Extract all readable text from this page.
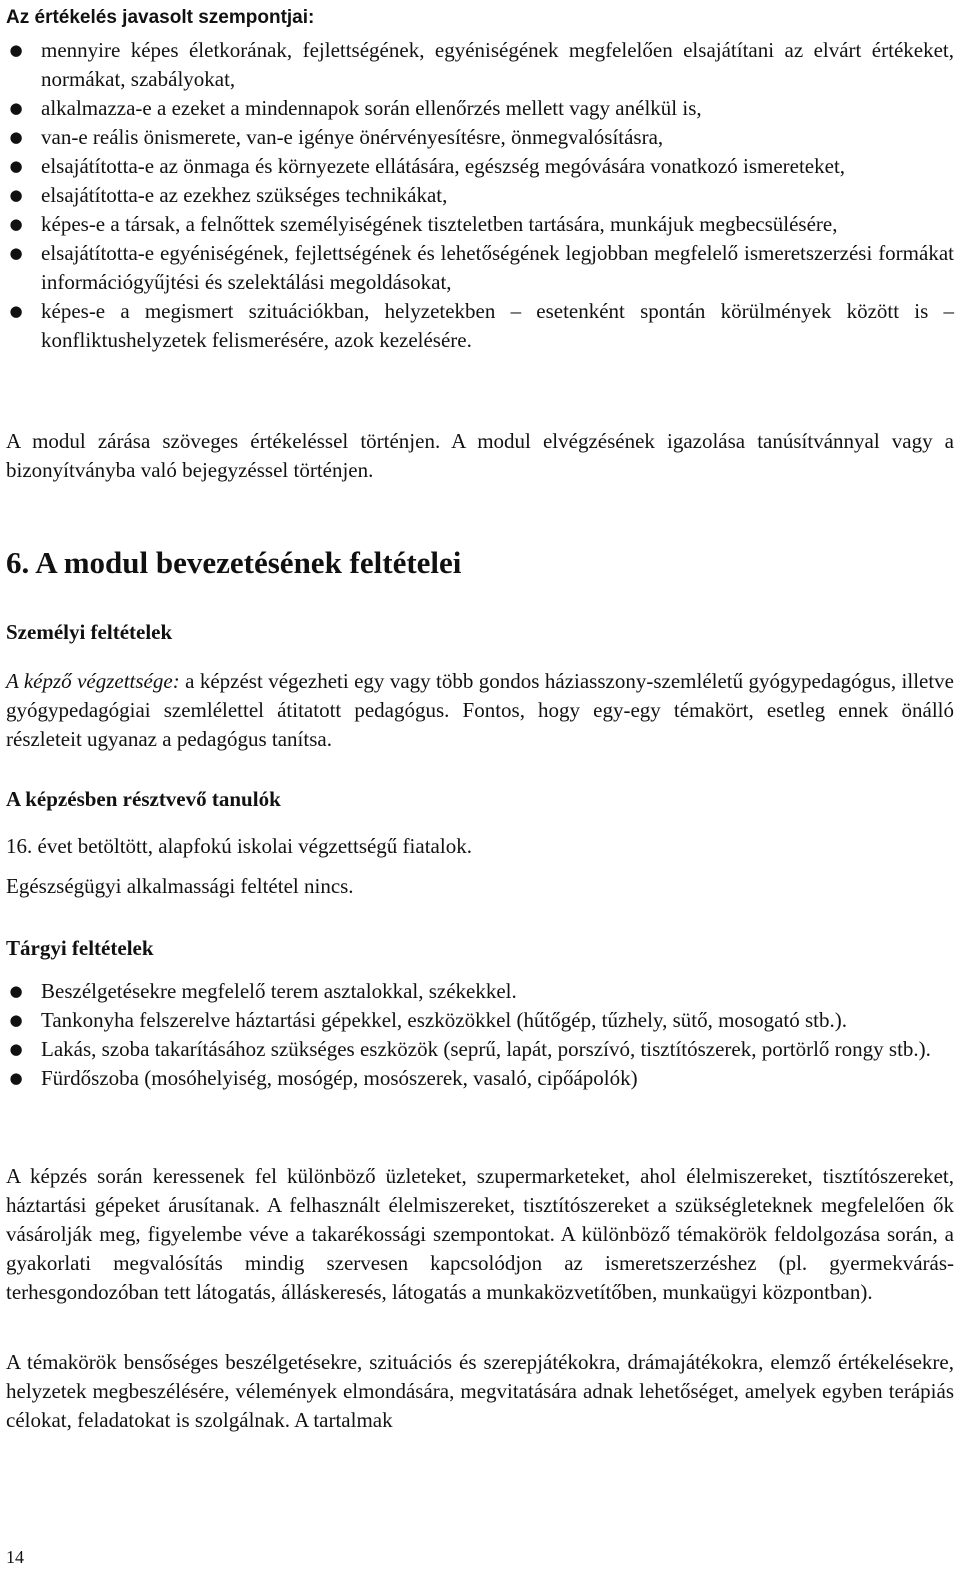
Az értékelés javasolt szempontjai:
● mennyire képes életkorának, fejlettségének, egyéniségének megfelelően elsajátítani az elvárt értékeket, normákat, szabályokat,
● alkalmazza-e a ezeket a mindennapok során ellenőrzés mellett vagy anélkül is,
● van-e reális önismerete, van-e igénye önérvényesítésre, önmegvalósításra,
● elsajátította-e az önmaga és környezete ellátására, egészség megóvására vonatkozó ismereteket,
● elsajátította-e az ezekhez szükséges technikákat,
● képes-e a társak, a felnőttek személyiségének tiszteletben tartására, munkájuk megbecsülésére,
● elsajátította-e egyéniségének, fejlettségének és lehetőségének legjobban megfelelő ismeretszerzési formákat információgyűjtési és szelektálási megoldásokat,
● képes-e a megismert szituációkban, helyzetekben – esetenként spontán körülmények között is – konfliktushelyzetek felismerésére, azok kezelésére.

A modul zárása szöveges értékeléssel történjen. A modul elvégzésének igazolása tanúsítvánnyal vagy a bizonyítványba való bejegyzéssel történjen.

6. A modul bevezetésének feltételei
Személyi feltételek

A képző végzettsége: a képzést végezheti egy vagy több gondos háziasszony-szemléletű gyógypedagógus, illetve gyógypedagógiai szemlélettel átitatott pedagógus. Fontos, hogy egy-egy témakört, esetleg ennek önálló részleteit ugyanaz a pedagógus tanítsa.

A képzésben résztvevő tanulók

16. évet betöltött, alapfokú iskolai végzettségű fiatalok.

Egészségügyi alkalmassági feltétel nincs.

Tárgyi feltételek
● Beszélgetésekre megfelelő terem asztalokkal, székekkel.
● Tankonyha felszerelve háztartási gépekkel, eszközökkel (hűtőgép, tűzhely, sütő, mosogató stb.).
● Lakás, szoba takarításához szükséges eszközök (seprű, lapát, porszívó, tisztítószerek, portörlő rongy stb.).
● Fürdőszoba (mosóhelyiség, mosógép, mosószerek, vasaló, cipőápolók)

A képzés során keressenek fel különböző üzleteket, szupermarketeket, ahol élelmiszereket, tisztítószereket, háztartási gépeket árusítanak. A felhasznált élelmiszereket, tisztítószereket a szükségleteknek megfelelően ők vásárolják meg, figyelembe véve a takarékossági szempontokat. A különböző témakörök feldolgozása során, a gyakorlati megvalósítás mindig szervesen kapcsolódjon az ismeretszerzéshez (pl. gyermekvárás-terhesgondozóban tett látogatás, álláskeresés, látogatás a munkaközvetítőben, munkaügyi központban).

A témakörök bensőséges beszélgetésekre, szituációs és szerepjátékokra, drámajátékokra, elemző értékelésekre, helyzetek megbeszélésére, vélemények elmondására, megvitatására adnak lehetőséget, amelyek egyben terápiás célokat, feladatokat is szolgálnak. A tartalmak

14
